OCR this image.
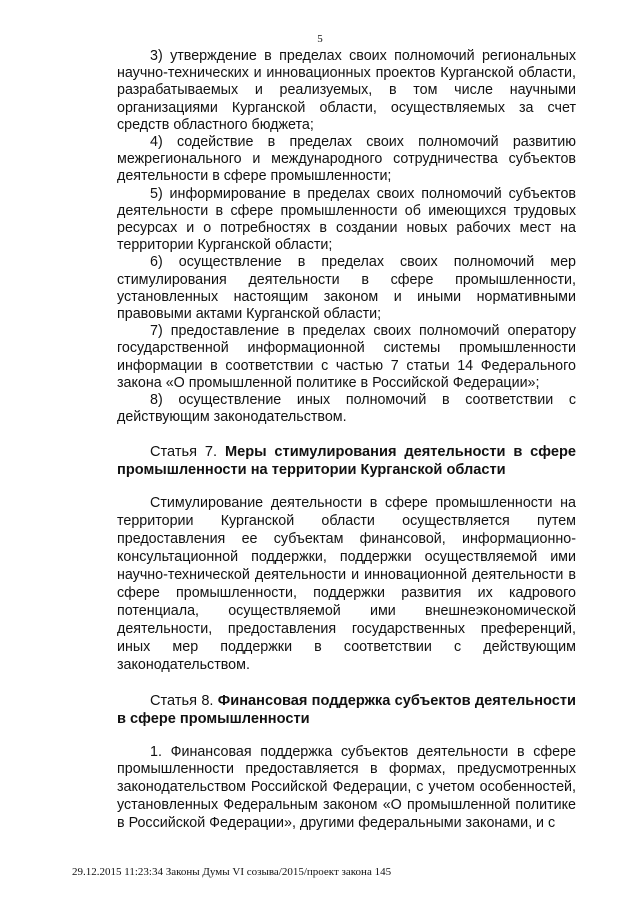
5

3) утверждение в пределах своих полномочий региональных научно-технических и инновационных проектов Курганской области, разрабатываемых и реализуемых, в том числе научными организациями Курганской области, осуществляемых за счет средств областного бюджета;

4) содействие в пределах своих полномочий развитию межрегионального и международного сотрудничества субъектов деятельности в сфере промышленности;

5) информирование в пределах своих полномочий субъектов деятельности в сфере промышленности об имеющихся трудовых ресурсах и о потребностях в создании новых рабочих мест на территории Курганской области;

6) осуществление в пределах своих полномочий мер стимулирования деятельности в сфере промышленности, установленных настоящим законом и иными нормативными правовыми актами Курганской области;

7) предоставление в пределах своих полномочий оператору государственной информационной системы промышленности информации в соответствии с частью 7 статьи 14 Федерального закона «О промышленной политике в Российской Федерации»;

8) осуществление иных полномочий в соответствии с действующим законодательством.

Статья 7. Меры стимулирования деятельности в сфере промышленности на территории Курганской области

Стимулирование деятельности в сфере промышленности на территории Курганской области осуществляется путем предоставления ее субъектам финансовой, информационно-консультационной поддержки, поддержки осуществляемой ими научно-технической деятельности и инновационной деятельности в сфере промышленности, поддержки развития их кадрового потенциала, осуществляемой ими внешнеэкономической деятельности, предоставления государственных преференций, иных мер поддержки в соответствии с действующим законодательством.

Статья 8. Финансовая поддержка субъектов деятельности в сфере промышленности

1. Финансовая поддержка субъектов деятельности в сфере промышленности предоставляется в формах, предусмотренных законодательством Российской Федерации, с учетом особенностей, установленных Федеральным законом «О промышленной политике в Российской Федерации», другими федеральными законами, и с

29.12.2015 11:23:34 Законы Думы VI созыва/2015/проект закона 145
